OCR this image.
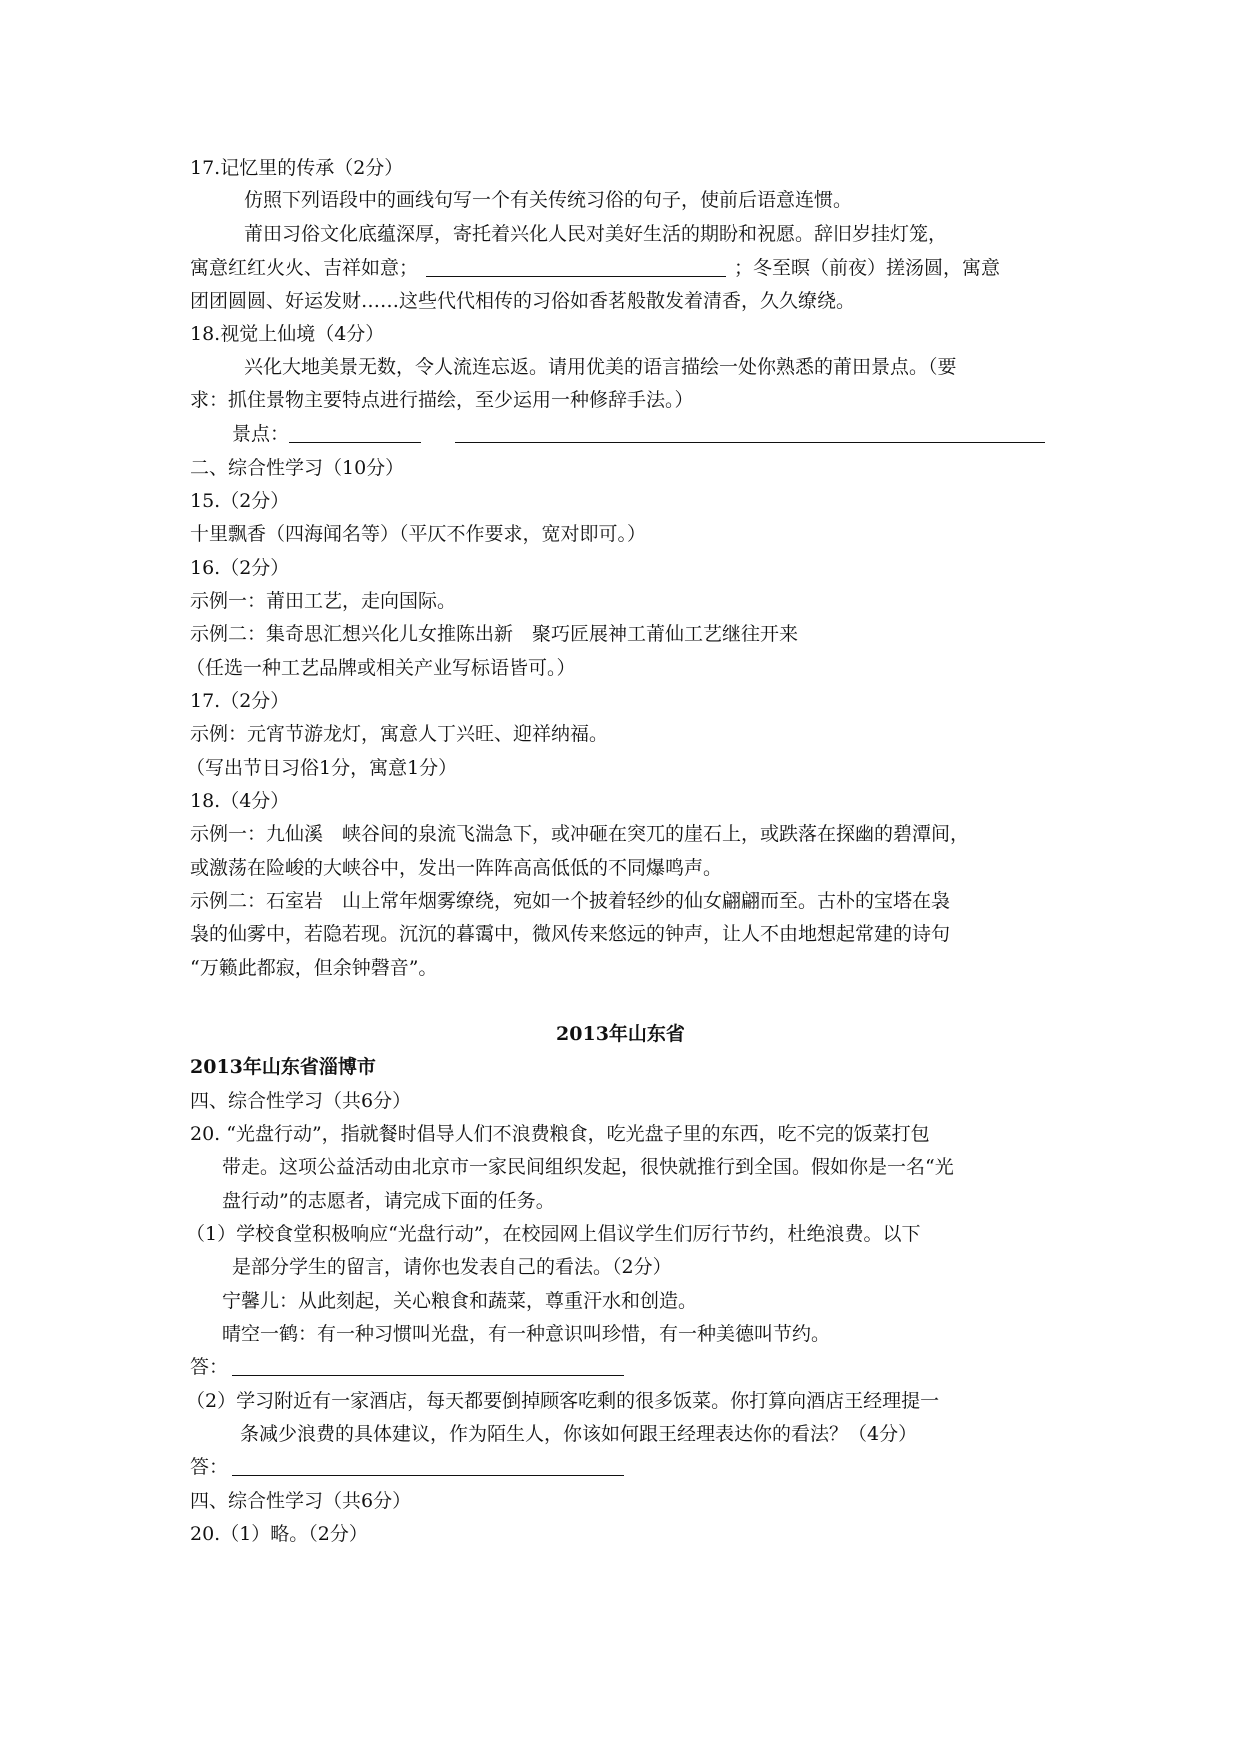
17.记忆里的传承（2分）
仿照下列语段中的画线句写一个有关传统习俗的句子，使前后语意连惯。
莆田习俗文化底蕴深厚，寄托着兴化人民对美好生活的期盼和祝愿。辞旧岁挂灯笼，
寓意红红火火、吉祥如意；	；冬至暝（前夜）搓汤圆，寓意
团团圆圆、好运发财……这些代代相传的习俗如香茗般散发着清香，久久缭绕。
18.视觉上仙境（4分）
兴化大地美景无数，令人流连忘返。请用优美的语言描绘一处你熟悉的莆田景点。（要
求：抓住景物主要特点进行描绘，至少运用一种修辞手法。）
景点：
二、综合性学习（10分）
15.（2分）
十里飘香（四海闻名等）（平仄不作要求，宽对即可。）
16.（2分）
示例一：莆田工艺，走向国际。
示例二：集奇思汇想兴化儿女推陈出新　聚巧匠展神工莆仙工艺继往开来
（任选一种工艺品牌或相关产业写标语皆可。）
17.（2分）
示例：元宵节游龙灯，寓意人丁兴旺、迎祥纳福。
（写出节日习俗1分，寓意1分）
18.（4分）
示例一：九仙溪　峡谷间的泉流飞湍急下，或冲砸在突兀的崖石上，或跌落在探幽的碧潭间，
或激荡在险峻的大峡谷中，发出一阵阵高高低低的不同爆鸣声。
示例二：石室岩　山上常年烟雾缭绕，宛如一个披着轻纱的仙女翩翩而至。古朴的宝塔在袅
袅的仙雾中，若隐若现。沉沉的暮霭中，微风传来悠远的钟声，让人不由地想起常建的诗句
“万籁此都寂，但余钟磬音”。
2013年山东省
2013年山东省淄博市
四、综合性学习（共6分）
20. “光盘行动”，指就餐时倡导人们不浪费粮食，吃光盘子里的东西，吃不完的饭菜打包
带走。这项公益活动由北京市一家民间组织发起，很快就推行到全国。假如你是一名“光
盘行动”的志愿者，请完成下面的任务。
（1）学校食堂积极响应“光盘行动”，在校园网上倡议学生们厉行节约，杜绝浪费。以下
是部分学生的留言，请你也发表自己的看法。（2分）
宁馨儿：从此刻起，关心粮食和蔬菜，尊重汗水和创造。
晴空一鹤：有一种习惯叫光盘，有一种意识叫珍惜，有一种美德叫节约。
答：
（2）学习附近有一家酒店，每天都要倒掉顾客吃剩的很多饭菜。你打算向酒店王经理提一
条减少浪费的具体建议，作为陌生人，你该如何跟王经理表达你的看法？（4分）
答：
四、综合性学习（共6分）
20.（1）略。（2分）
